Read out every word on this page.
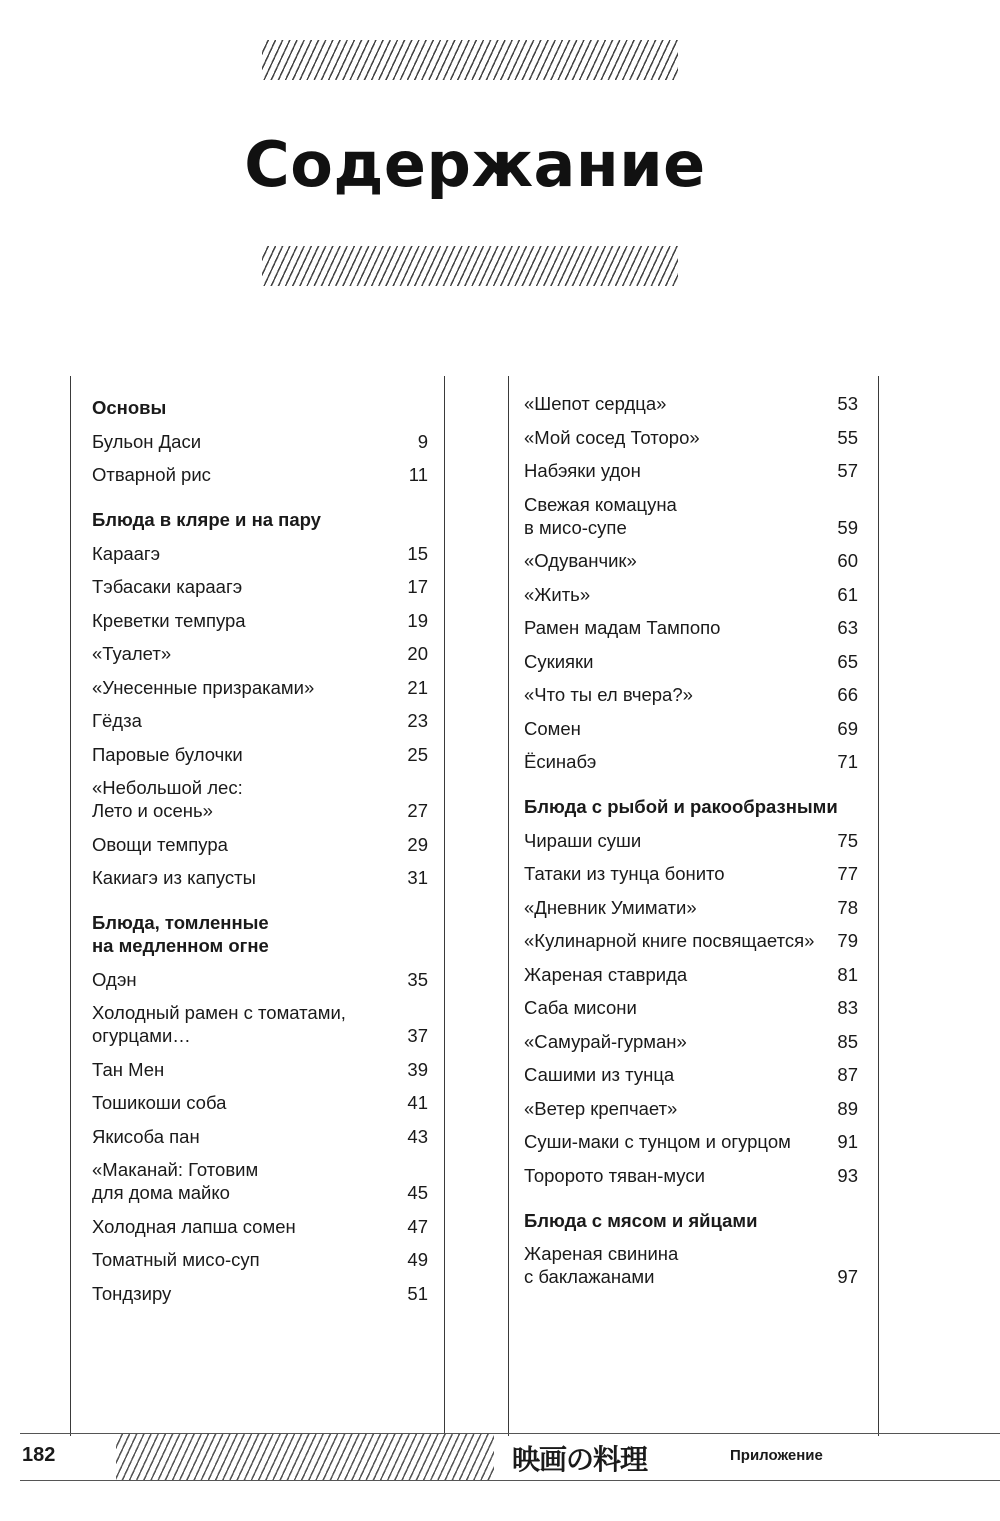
Содержание
Основы
Бульон Даси	9
Отварной рис	11
Блюда в кляре и на пару
Караагэ	15
Тэбасаки караагэ	17
Креветки темпура	19
«Туалет»	20
«Унесенные призраками»	21
Гёдза	23
Паровые булочки	25
«Небольшой лес:
Лето и осень»	27
Овощи темпура	29
Какиагэ из капусты	31
Блюда, томленные
на медленном огне
Одэн	35
Холодный рамен с томатами,
огурцами…	37
Тан Мен	39
Тошикоши соба	41
Якисоба пан	43
«Маканай: Готовим
для дома майко	45
Холодная лапша сомен	47
Томатный мисо-суп	49
Тондзиру	51
«Шепот сердца»	53
«Мой сосед Тоторо»	55
Набэяки удон	57
Свежая комацуна
в мисо-супе	59
«Одуванчик»	60
«Жить»	61
Рамен мадам Тампопо	63
Сукияки	65
«Что ты ел вчера?»	66
Сомен	69
Ёсинабэ	71
Блюда с рыбой и ракообразными
Чираши суши	75
Татаки из тунца бонито	77
«Дневник Умимати»	78
«Кулинарной книге посвящается»	79
Жареная ставрида	81
Саба мисони	83
«Самурай-гурман»	85
Сашими из тунца	87
«Ветер крепчает»	89
Суши-маки с тунцом и огурцом	91
Торорото тяван-муси	93
Блюда с мясом и яйцами
Жареная свинина
с баклажанами	97
182	映画の料理	Приложение
